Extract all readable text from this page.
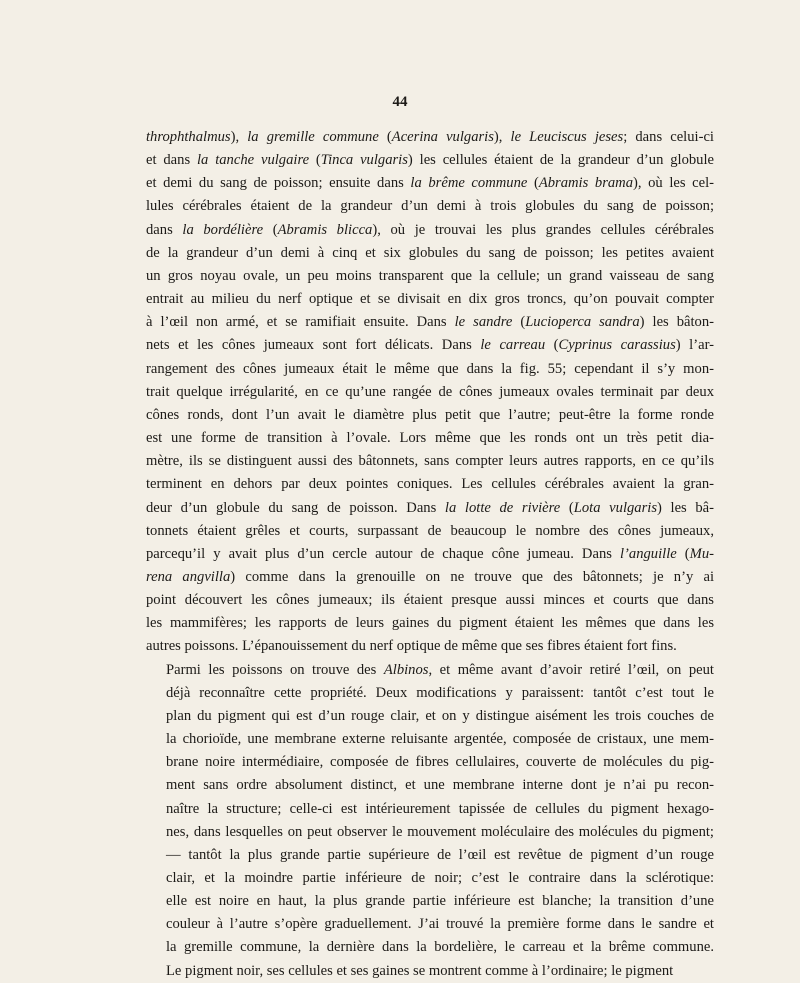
44

throphthalmus), la gremille commune (Acerina vulgaris), le Leuciscus jeses; dans celui-ci
et dans la tanche vulgaire (Tinca vulgaris) les cellules étaient de la grandeur d’un globule
et demi du sang de poisson; ensuite dans la brême commune (Abramis brama), où les cel-
lules cérébrales étaient de la grandeur d’un demi à trois globules du sang de poisson;
dans la bordélière (Abramis blicca), où je trouvai les plus grandes cellules cérébrales
de la grandeur d’un demi à cinq et six globules du sang de poisson; les petites avaient
un gros noyau ovale, un peu moins transparent que la cellule; un grand vaisseau de sang
entrait au milieu du nerf optique et se divisait en dix gros troncs, qu’on pouvait compter
à l’œil non armé, et se ramifiait ensuite. Dans le sandre (Lucioperca sandra) les bâton-
nets et les cônes jumeaux sont fort délicats. Dans le carreau (Cyprinus carassius) l’ar-
rangement des cônes jumeaux était le même que dans la fig. 55; cependant il s’y mon-
trait quelque irrégularité, en ce qu’une rangée de cônes jumeaux ovales terminait par deux
cônes ronds, dont l’un avait le diamètre plus petit que l’autre; peut-être la forme ronde
est une forme de transition à l’ovale. Lors même que les ronds ont un très petit dia-
mètre, ils se distinguent aussi des bâtonnets, sans compter leurs autres rapports, en ce qu’ils
terminent en dehors par deux pointes coniques. Les cellules cérébrales avaient la gran-
deur d’un globule du sang de poisson. Dans la lotte de rivière (Lota vulgaris) les bâ-
tonnets étaient grêles et courts, surpassant de beaucoup le nombre des cônes jumeaux,
parcequ’il y avait plus d’un cercle autour de chaque cône jumeau. Dans l’anguille (Mu-
rena angvilla) comme dans la grenouille on ne trouve que des bâtonnets; je n’y ai
point découvert les cônes jumeaux; ils étaient presque aussi minces et courts que dans
les mammifères; les rapports de leurs gaines du pigment étaient les mêmes que dans les
autres poissons. L’épanouissement du nerf optique de même que ses fibres étaient fort fins.

Parmi les poissons on trouve des Albinos, et même avant d’avoir retiré l’œil, on peut
déjà reconnaître cette propriété. Deux modifications y paraissent: tantôt c’est tout le
plan du pigment qui est d’un rouge clair, et on y distingue aisément les trois couches de
la chorioïde, une membrane externe reluisante argentée, composée de cristaux, une mem-
brane noire intermédiaire, composée de fibres cellulaires, couverte de molécules du pig-
ment sans ordre absolument distinct, et une membrane interne dont je n’ai pu recon-
naître la structure; celle-ci est intérieurement tapissée de cellules du pigment hexago-
nes, dans lesquelles on peut observer le mouvement moléculaire des molécules du pigment;
— tantôt la plus grande partie supérieure de l’œil est revêtue de pigment d’un rouge
clair, et la moindre partie inférieure de noir; c’est le contraire dans la sclérotique:
elle est noire en haut, la plus grande partie inférieure est blanche; la transition d’une
couleur à l’autre s’opère graduellement. J’ai trouvé la première forme dans le sandre et
la gremille commune, la dernière dans la bordelière, le carreau et la brême commune.
Le pigment noir, ses cellules et ses gaines se montrent comme à l’ordinaire; le pigment
